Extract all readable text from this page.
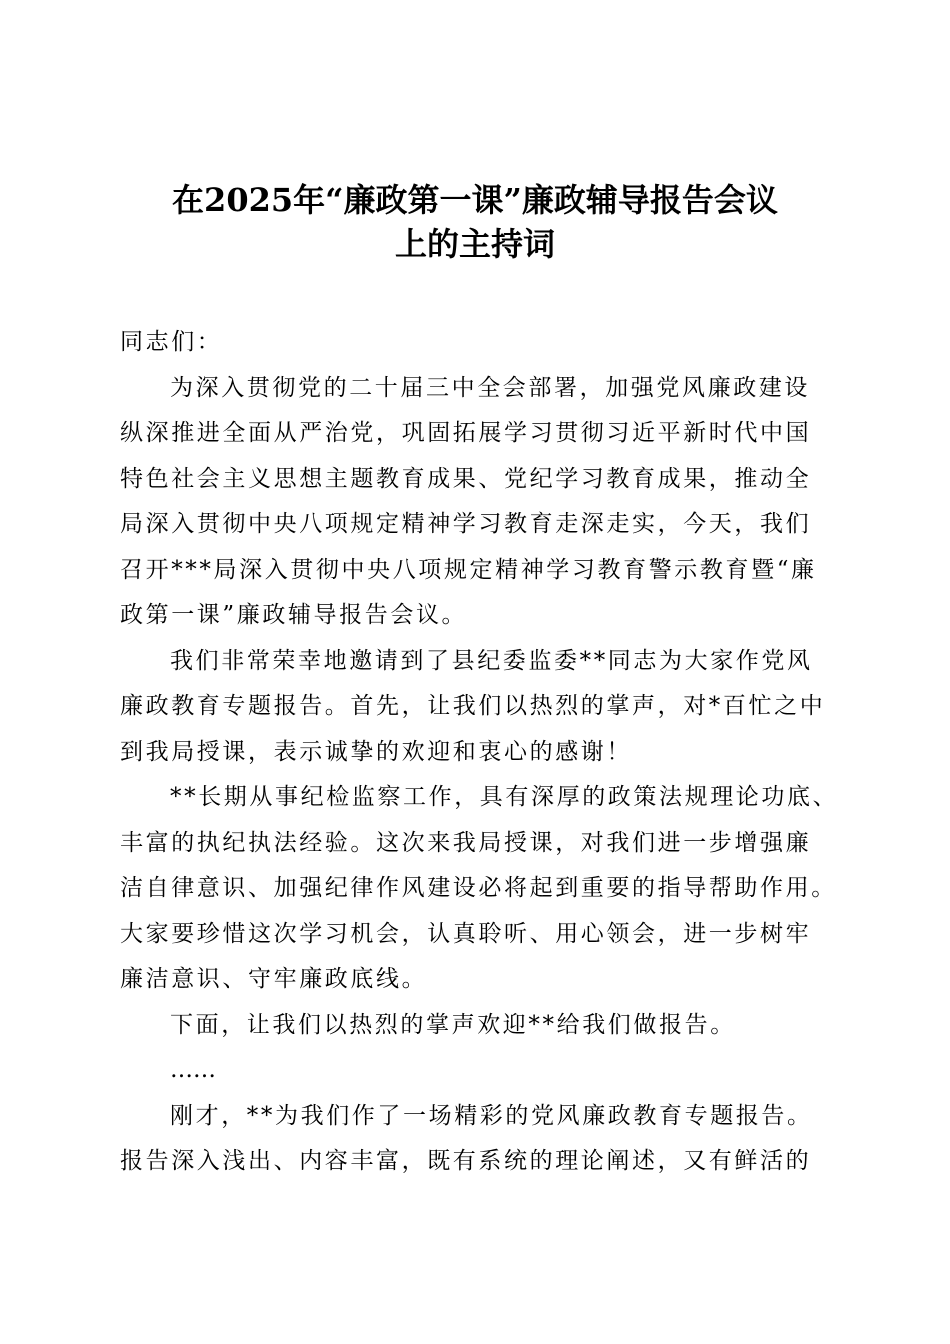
在2025年“廉政第一课”廉政辅导报告会议
上的主持词
同志们：
为深入贯彻党的二十届三中全会部署，加强党风廉政建设
纵深推进全面从严治党，巩固拓展学习贯彻习近平新时代中国
特色社会主义思想主题教育成果、党纪学习教育成果，推动全
局深入贯彻中央八项规定精神学习教育走深走实，今天，我们
召开***局深入贯彻中央八项规定精神学习教育警示教育暨“廉
政第一课”廉政辅导报告会议。
我们非常荣幸地邀请到了县纪委监委**同志为大家作党风
廉政教育专题报告。首先，让我们以热烈的掌声，对*百忙之中
到我局授课，表示诚挚的欢迎和衷心的感谢！
**长期从事纪检监察工作，具有深厚的政策法规理论功底、
丰富的执纪执法经验。这次来我局授课，对我们进一步增强廉
洁自律意识、加强纪律作风建设必将起到重要的指导帮助作用。
大家要珍惜这次学习机会，认真聆听、用心领会，进一步树牢
廉洁意识、守牢廉政底线。
下面，让我们以热烈的掌声欢迎**给我们做报告。
……
刚才，**为我们作了一场精彩的党风廉政教育专题报告。
报告深入浅出、内容丰富，既有系统的理论阐述，又有鲜活的
